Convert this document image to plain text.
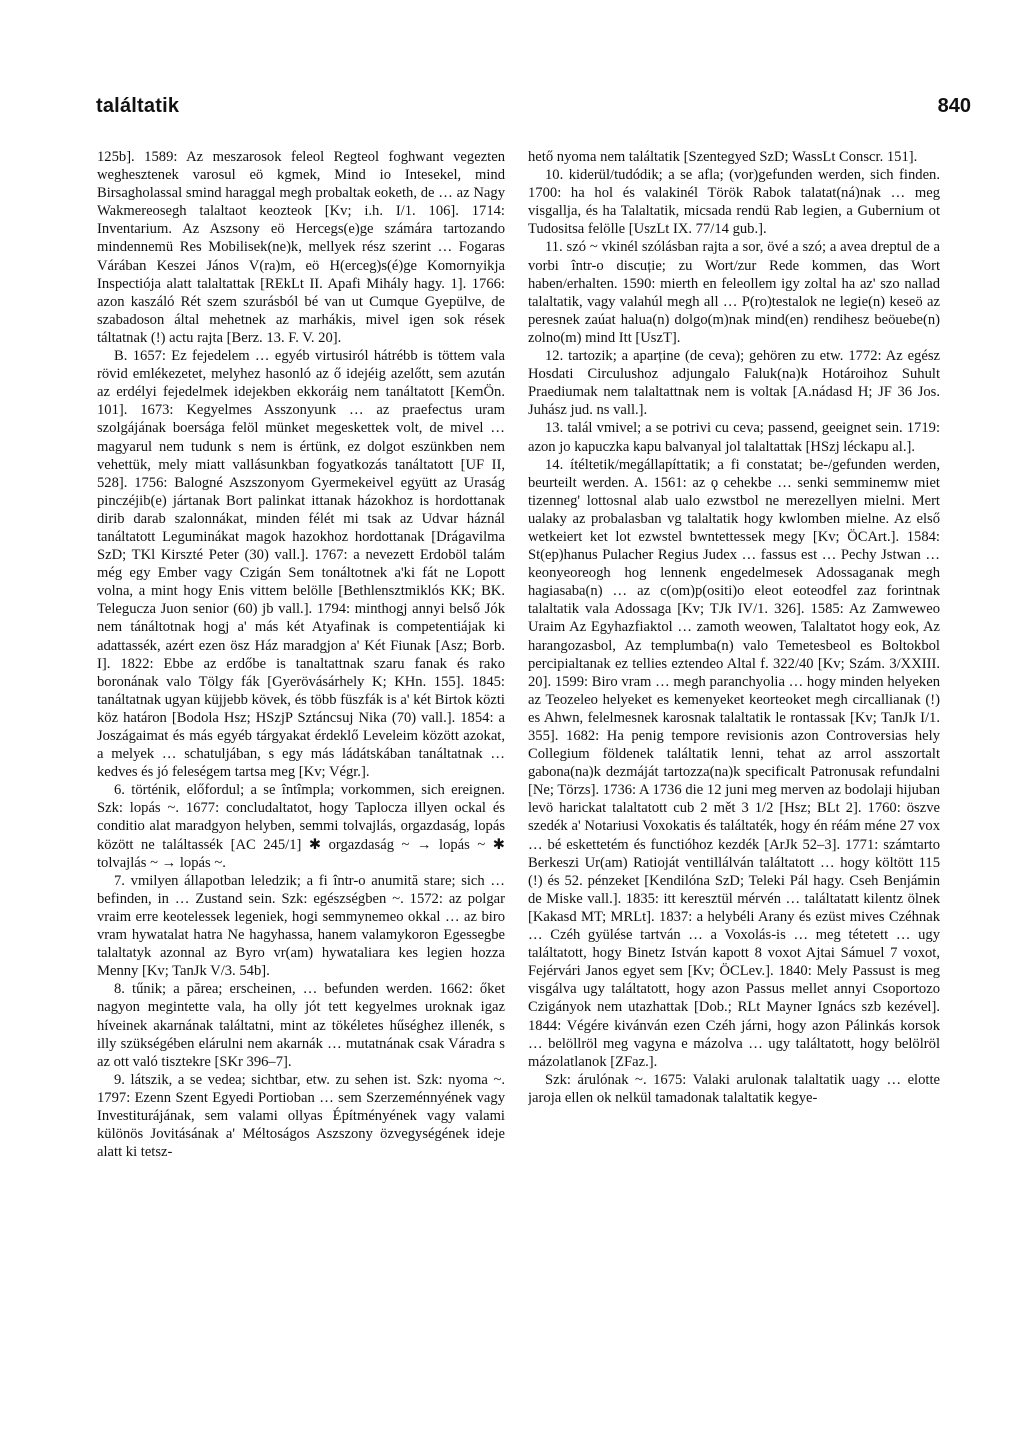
találtatik	840

125b]. 1589: Az meszarosok feleol Regteol foghwant vegezten weghesztenek varosul eö kgmek, Mind io Intesekel, mind Birsagholassal smind haraggal megh probaltak eoketh, de … az Nagy Wakmereosegh talaltaot keozteok [Kv; i.h. I/1. 106]. 1714: Inventarium. Az Aszsony eö Hercegs(e)ge számára tartozando mindennemü Res Mobilisek(ne)k, mellyek rész szerint … Fogaras Várában Keszei János V(ra)m, eö H(erceg)s(é)ge Komornyikja Inspectiója alatt talaltattak [REkLt II. Apafi Mihály hagy. 1]. 1766: azon kaszáló Rét szem szurásból bé van ut Cumque Gyepülve, de szabadoson által mehetnek az marhákis, mivel igen sok rések táltatnak (!) actu rajta [Berz. 13. F. V. 20].

B. 1657: Ez fejedelem … egyéb virtusiról hátrébb is töttem vala rövid emlékezetet, melyhez hasonló az ő idejéig azelőtt, sem azután az erdélyi fejedelmek idejekben ekkoráig nem tanáltatott [KemÖn. 101]. 1673: Kegyelmes Asszonyunk … az praefectus uram szolgájának boersága felöl münket megeskettek volt, de mivel … magyarul nem tudunk s nem is értünk, ez dolgot eszünkben nem vehettük, mely miatt vallásunkban fogyatkozás tanáltatott [UF II, 528]. 1756: Balogné Aszszonyom Gyermekeivel együtt az Uraság pinczéjib(e) jártanak Bort palinkat ittanak házokhoz is hordottanak dirib darab szalonnákat, minden félét mi tsak az Udvar háznál tanáltatott Leguminákat magok hazokhoz hordottanak [Drágavilma SzD; TKl Kirszté Peter (30) vall.]. 1767: a nevezett Erdoböl talám még egy Ember vagy Czigán Sem tonáltotnek a'ki fát ne Lopott volna, a mint hogy Enis vittem belölle [Bethlensztmiklós KK; BK. Telegucza Juon senior (60) jb vall.]. 1794: minthogj annyi belső Jók nem tánáltotnak hogj a' más két Atyafinak is competentiájak ki adattassék, azért ezen ösz Ház maradgjon a' Két Fiunak [Asz; Borb. I]. 1822: Ebbe az erdőbe is tanaltattnak szaru fanak és rako boronának valo Tölgy fák [Gyerövásárhely K; KHn. 155]. 1845: tanáltatnak ugyan küjjebb kövek, és több füszfák is a' két Birtok közti köz határon [Bodola Hsz; HSzjP Sztáncsuj Nika (70) vall.]. 1854: a Joszágaimat és más egyéb tárgyakat érdeklő Leveleim között azokat, a melyek … schatuljában, s egy más ládátskában tanáltatnak … kedves és jó feleségem tartsa meg [Kv; Végr.].

6. történik, előfordul; a se întîmpla; vorkommen, sich ereignen. Szk: lopás ~. 1677: concludaltatot, hogy Taplocza illyen ockal és conditio alat maradgyon helyben, semmi tolvajlás, orgazdaság, lopás között ne találtassék [AC 245/1] ✱ orgazdaság ~ → lopás ~ ✱ tolvajlás ~ → lopás ~.

7. vmilyen állapotban leledzik; a fi într-o anumită stare; sich … befinden, in … Zustand sein. Szk: egészségben ~. 1572: az polgar vraim erre keotelessek legeniek, hogi semmynemeo okkal … az biro vram hywatalat hatra Ne hagyhassa, hanem valamykoron Egessegbe talaltatyk azonnal az Byro vr(am) hywataliara kes legien hozza Menny [Kv; TanJk V/3. 54b].

8. tűnik; a părea; erscheinen, … befunden werden. 1662: őket nagyon megintette vala, ha olly jót tett kegyelmes uroknak igaz híveinek akarnának találtatni, mint az tökéletes hűséghez illenék, s illy szükségében elárulni nem akarnák … mutatnának csak Váradra s az ott való tisztekre [SKr 396–7].

9. látszik, a se vedea; sichtbar, etw. zu sehen ist. Szk: nyoma ~. 1797: Ezenn Szent Egyedi Portioban … sem Szerzeménnyének vagy Investiturájának, sem valami ollyas Építményének vagy valami különös Jovitásának a' Méltoságos Aszszony özvegységének ideje alatt ki tetsz-

hető nyoma nem találtatik [Szentegyed SzD; WassLt Conscr. 151].

10. kiderül/tudódik; a se afla; (vor)gefunden werden, sich finden. 1700: ha hol és valakinél Török Rabok talatat(ná)nak … meg visgallja, és ha Talaltatik, micsada rendü Rab legien, a Gubernium ot Tudositsa felölle [UszLt IX. 77/14 gub.].

11. szó ~ vkinél szólásban rajta a sor, övé a szó; a avea dreptul de a vorbi într-o discuție; zu Wort/zur Rede kommen, das Wort haben/erhalten. 1590: mierth en feleollem igy zoltal ha az' szo nallad talaltatik, vagy valahúl megh all … P(ro)testalok ne legie(n) keseö az peresnek zaúat halua(n) dolgo(m)nak mind(en) rendihesz beöuebe(n) zolno(m) mind Itt [UszT].

12. tartozik; a aparține (de ceva); gehören zu etw. 1772: Az egész Hosdati Circulushoz adjungalo Faluk(na)k Hotároihoz Suhult Praediumak nem talaltattnak nem is voltak [A.nádasd H; JF 36 Jos. Juhász jud. ns vall.].

13. talál vmivel; a se potrivi cu ceva; passend, geeignet sein. 1719: azon jo kapuczka kapu balvanyal jol talaltattak [HSzj léckapu al.].

14. ítéltetik/megállapíttatik; a fi constatat; be-/gefunden werden, beurteilt werden. A. 1561: az ǫ cehekbe … senki semminemw miet tizenneg' lottosnal alab ualo ezwstbol ne merezellyen mielni. Mert ualaky az probalasban vg talaltatik hogy kwlomben mielne. Az első wetkeiert ket lot ezwstel bwntettessek megy [Kv; ÖCArt.]. 1584: St(ep)hanus Pulacher Regius Judex … fassus est … Pechy Jstwan … keonyeoreogh hog lennenk engedelmesek Adossaganak megh hagiasaba(n) … az c(om)p(ositi)o eleot eoteodfel zaz forintnak talaltatik vala Adossaga [Kv; TJk IV/1. 326]. 1585: Az Zamweweo Uraim Az Egyhazfiaktol … zamoth weowen, Talaltatot hogy eok, Az harangozasbol, Az templumba(n) valo Temetesbeol es Boltokbol percipialtanak ez tellies eztendeo Altal f. 322/40 [Kv; Szám. 3/XXIII. 20]. 1599: Biro vram … megh paranchyolia … hogy minden helyeken az Teozeleo helyeket es kemenyeket keorteoket megh circallianak (!) es Ahwn, felelmesnek karosnak talaltatik le rontassak [Kv; TanJk I/1. 355]. 1682: Ha penig tempore revisionis azon Controversias hely Collegium földenek találtatik lenni, tehat az arrol asszortalt gabona(na)k dezmáját tartozza(na)k specificalt Patronusak refundalni [Ne; Törzs]. 1736: A 1736 die 12 juni meg merven az bodolaji hijuban levö harickat talaltatott cub 2 mět 3 1/2 [Hsz; BLt 2]. 1760: öszve szedék a' Notariusi Voxokatis és találtaték, hogy én réám méne 27 vox … bé eskettetém és functióhoz kezdék [ArJk 52–3]. 1771: számtarto Berkeszi Ur(am) Ratioját ventillálván találtatott … hogy költött 115 (!) és 52. pénzeket [Kendilóna SzD; Teleki Pál hagy. Cseh Benjámin de Miske vall.]. 1835: itt keresztül mérvén … találtatatt kilentz ölnek [Kakasd MT; MRLt]. 1837: a helybéli Arany és ezüst mives Czéhnak … Czéh gyülése tartván … a Voxolás-is … meg tétetett … ugy találtatott, hogy Binetz István kapott 8 voxot Ajtai Sámuel 7 voxot, Fejérvári Janos egyet sem [Kv; ÖCLev.]. 1840: Mely Passust is meg visgálva ugy találtatott, hogy azon Passus mellet annyi Csoportozo Czigányok nem utazhattak [Dob.; RLt Mayner Ignács szb kezével]. 1844: Végére kivánván ezen Czéh járni, hogy azon Pálinkás korsok … belöllröl meg vagyna e mázolva … ugy találtatott, hogy belölröl mázolatlanok [ZFaz.].

Szk: árulónak ~. 1675: Valaki arulonak talaltatik uagy … elotte jaroja ellen ok nelkül tamadonak talaltatik kegye-
